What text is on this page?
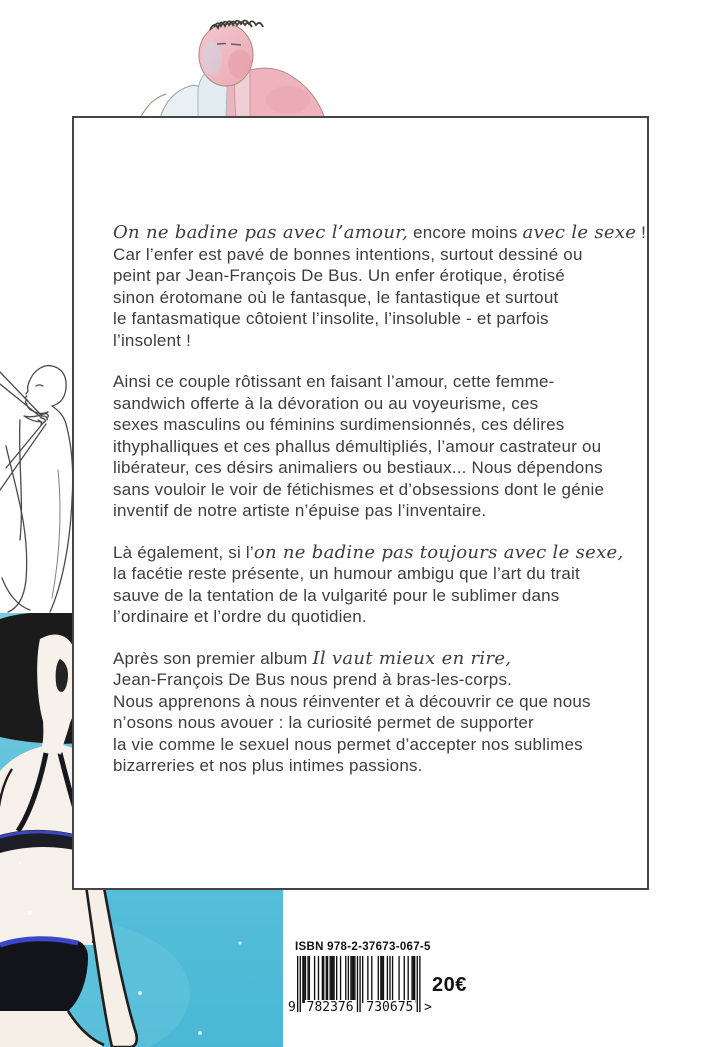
On ne badine pas avec l’amour, encore moins avec le sexe !
Car l’enfer est pavé de bonnes intentions, surtout dessiné ou
peint par Jean-François De Bus. Un enfer érotique, érotisé
sinon érotomane où le fantasque, le fantastique et surtout
le fantasmatique côtoient l’insolite, l’insoluble - et parfois
l’insolent !
Ainsi ce couple rôtissant en faisant l’amour, cette femme-
sandwich offerte à la dévoration ou au voyeurisme, ces
sexes masculins ou féminins surdimensionnés, ces délires
ithyphalliques et ces phallus démultipliés, l’amour castrateur ou
libérateur, ces désirs animaliers ou bestiaux... Nous dépendons
sans vouloir le voir de fétichismes et d’obsessions dont le génie
inventif de notre artiste n’épuise pas l’inventaire.
Là également, si l’on ne badine pas toujours avec le sexe,
la facétie reste présente, un humour ambigu que l’art du trait
sauve de la tentation de la vulgarité pour le sublimer dans
l’ordinaire et l’ordre du quotidien.
Après son premier album Il vaut mieux en rire,
Jean-François De Bus nous prend à bras-les-corps.
Nous apprenons à nous réinventer et à découvrir ce que nous
n’osons nous avouer : la curiosité permet de supporter
la vie comme le sexuel nous permet d’accepter nos sublimes
bizarreries et nos plus intimes passions.
ISBN 978-2-37673-067-5
9 782376 730675 >
20€
